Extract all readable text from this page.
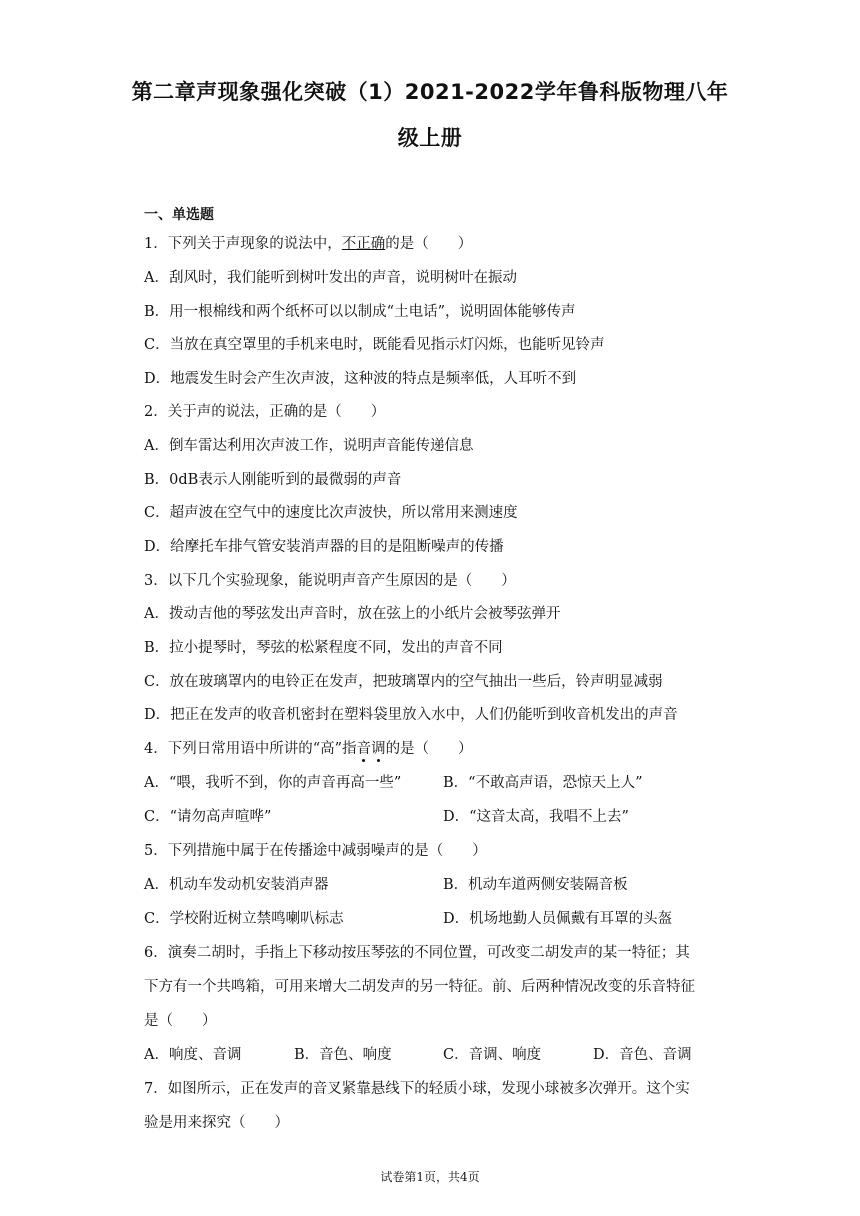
第二章声现象强化突破（1）2021-2022学年鲁科版物理八年
级上册
一、单选题
1．下列关于声现象的说法中，不正确的是（　　）
A．刮风时，我们能听到树叶发出的声音，说明树叶在振动
B．用一根棉线和两个纸杯可以以制成“土电话”，说明固体能够传声
C．当放在真空罩里的手机来电时，既能看见指示灯闪烁，也能听见铃声
D．地震发生时会产生次声波，这种波的特点是频率低，人耳听不到
2．关于声的说法，正确的是（　　）
A．倒车雷达利用次声波工作，说明声音能传递信息
B．0dB表示人刚能听到的最微弱的声音
C．超声波在空气中的速度比次声波快，所以常用来测速度
D．给摩托车排气管安装消声器的目的是阻断噪声的传播
3．以下几个实验现象，能说明声音产生原因的是（　　）
A．拨动吉他的琴弦发出声音时，放在弦上的小纸片会被琴弦弹开
B．拉小提琴时，琴弦的松紧程度不同，发出的声音不同
C．放在玻璃罩内的电铃正在发声，把玻璃罩内的空气抽出一些后，铃声明显减弱
D．把正在发声的收音机密封在塑料袋里放入水中，人们仍能听到收音机发出的声音
4．下列日常用语中所讲的“高”指音调的是（　　）
A．“喂，我听不到，你的声音再高一些”	B．“不敢高声语，恐惊天上人”
C．“请勿高声喧哗”	D．“这音太高，我唱不上去”
5．下列措施中属于在传播途中减弱噪声的是（　　）
A．机动车发动机安装消声器	B．机动车道两侧安装隔音板
C．学校附近树立禁鸣喇叭标志	D．机场地勤人员佩戴有耳罩的头盔
6．演奏二胡时，手指上下移动按压琴弦的不同位置，可改变二胡发声的某一特征；其
下方有一个共鸣箱，可用来增大二胡发声的另一特征。前、后两种情况改变的乐音特征
是（　　）
A．响度、音调	B．音色、响度	C．音调、响度	D．音色、音调
7．如图所示，正在发声的音叉紧靠悬线下的轻质小球，发现小球被多次弹开。这个实
验是用来探究（　　）
试卷第1页，共4页
